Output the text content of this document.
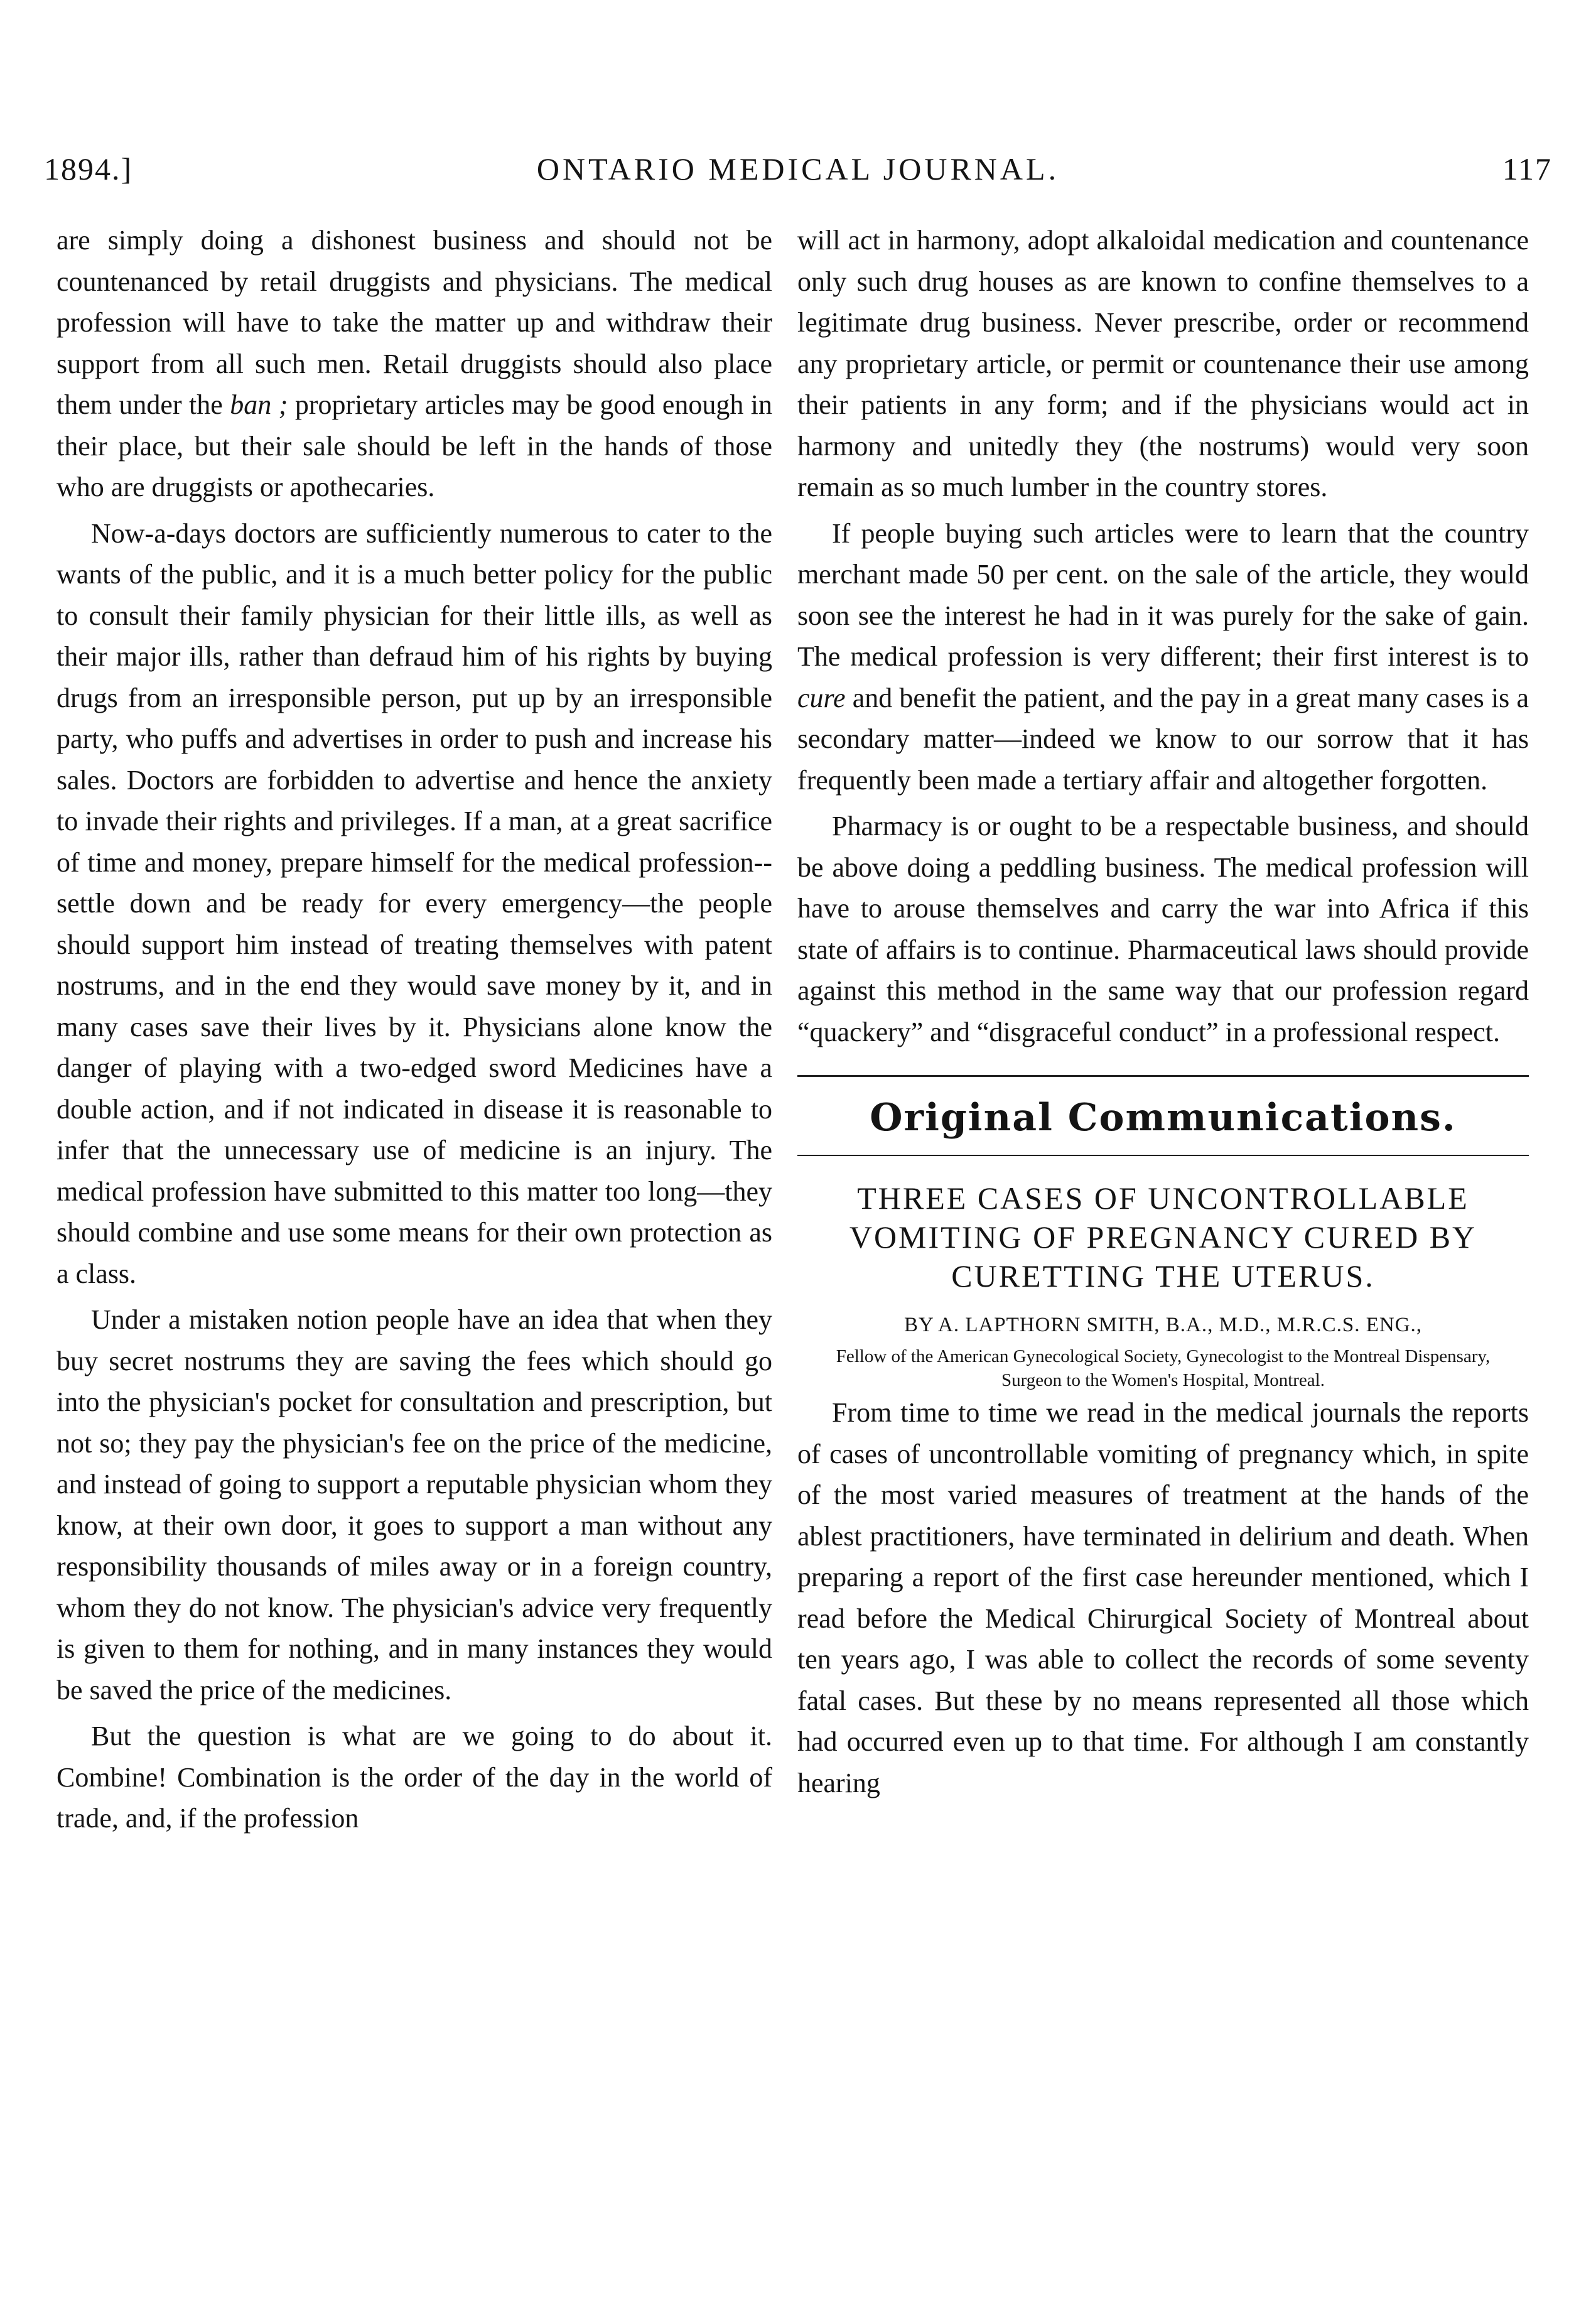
1894.]	ONTARIO MEDICAL JOURNAL.	117

are simply doing a dishonest business and should not be countenanced by retail druggists and physicians. The medical profession will have to take the matter up and withdraw their support from all such men. Retail druggists should also place them under the ban ; proprietary articles may be good enough in their place, but their sale should be left in the hands of those who are druggists or apothecaries.

Now-a-days doctors are sufficiently numerous to cater to the wants of the public, and it is a much better policy for the public to consult their family physician for their little ills, as well as their major ills, rather than defraud him of his rights by buying drugs from an irresponsible person, put up by an irresponsible party, who puffs and advertises in order to push and increase his sales. Doctors are forbidden to advertise and hence the anxiety to invade their rights and privileges. If a man, at a great sacrifice of time and money, prepare himself for the medical profession--settle down and be ready for every emergency—the people should support him instead of treating themselves with patent nostrums, and in the end they would save money by it, and in many cases save their lives by it. Physicians alone know the danger of playing with a two-edged sword Medicines have a double action, and if not indicated in disease it is reasonable to infer that the unnecessary use of medicine is an injury. The medical profession have submitted to this matter too long—they should combine and use some means for their own protection as a class.

Under a mistaken notion people have an idea that when they buy secret nostrums they are saving the fees which should go into the physician's pocket for consultation and prescription, but not so; they pay the physician's fee on the price of the medicine, and instead of going to support a reputable physician whom they know, at their own door, it goes to support a man without any responsibility thousands of miles away or in a foreign country, whom they do not know. The physician's advice very frequently is given to them for nothing, and in many instances they would be saved the price of the medicines.

But the question is what are we going to do about it. Combine! Combination is the order of the day in the world of trade, and, if the profession

will act in harmony, adopt alkaloidal medication and countenance only such drug houses as are known to confine themselves to a legitimate drug business. Never prescribe, order or recommend any proprietary article, or permit or countenance their use among their patients in any form; and if the physicians would act in harmony and unitedly they (the nostrums) would very soon remain as so much lumber in the country stores.

If people buying such articles were to learn that the country merchant made 50 per cent. on the sale of the article, they would soon see the interest he had in it was purely for the sake of gain. The medical profession is very different; their first interest is to cure and benefit the patient, and the pay in a great many cases is a secondary matter—indeed we know to our sorrow that it has frequently been made a tertiary affair and altogether forgotten.

Pharmacy is or ought to be a respectable business, and should be above doing a peddling business. The medical profession will have to arouse themselves and carry the war into Africa if this state of affairs is to continue. Pharmaceutical laws should provide against this method in the same way that our profession regard “quackery” and “disgraceful conduct” in a professional respect.

Original Communications.
THREE CASES OF UNCONTROLLABLE VOMITING OF PREGNANCY CURED BY CURETTING THE UTERUS.
BY A. LAPTHORN SMITH, B.A., M.D., M.R.C.S. ENG.,
Fellow of the American Gynecological Society, Gynecologist to the Montreal Dispensary, Surgeon to the Women's Hospital, Montreal.

From time to time we read in the medical journals the reports of cases of uncontrollable vomiting of pregnancy which, in spite of the most varied measures of treatment at the hands of the ablest practitioners, have terminated in delirium and death. When preparing a report of the first case hereunder mentioned, which I read before the Medical Chirurgical Society of Montreal about ten years ago, I was able to collect the records of some seventy fatal cases. But these by no means represented all those which had occurred even up to that time. For although I am constantly hearing
